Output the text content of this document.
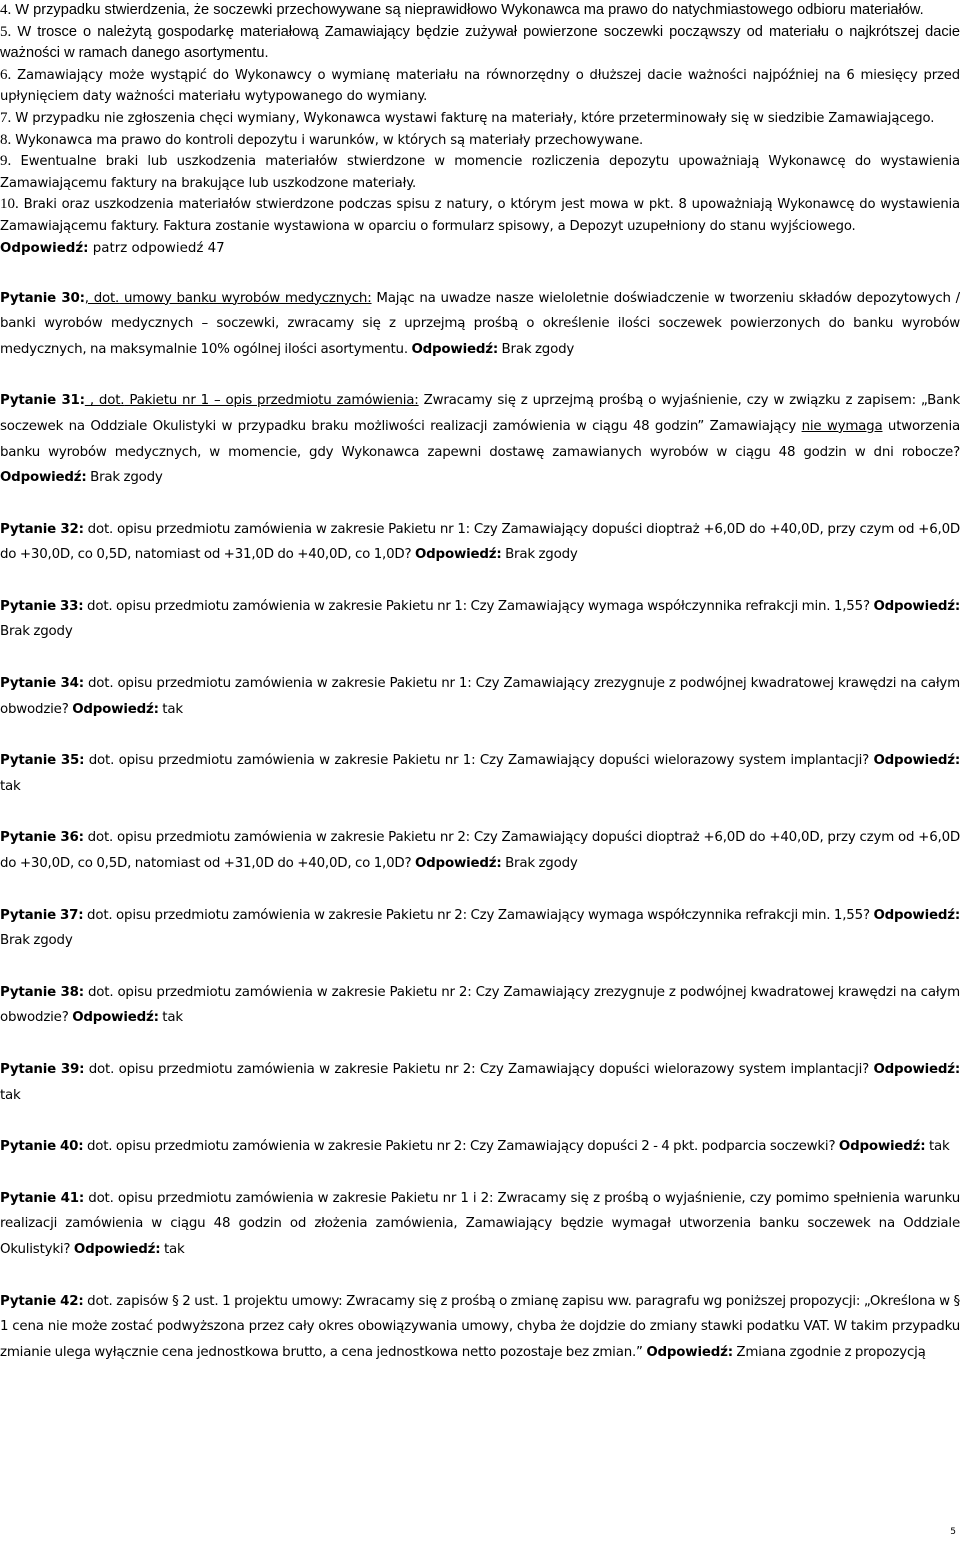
4. W przypadku stwierdzenia, że soczewki przechowywane są nieprawidłowo Wykonawca ma prawo do natychmiastowego odbioru materiałów.

5. W trosce o należytą gospodarkę materiałową Zamawiający będzie zużywał powierzone soczewki począwszy od materiału o najkrótszej dacie ważności w ramach danego asortymentu.

6. Zamawiający może wystąpić do Wykonawcy o wymianę materiału na równorzędny o dłuższej dacie ważności najpóźniej na 6 miesięcy przed upłynięciem daty ważności materiału wytypowanego do wymiany.

7. W przypadku nie zgłoszenia chęci wymiany, Wykonawca wystawi fakturę na materiały, które przeterminowały się w siedzibie Zamawiającego.

8. Wykonawca ma prawo do kontroli depozytu i warunków, w których są materiały przechowywane.

9. Ewentualne braki lub uszkodzenia materiałów stwierdzone w momencie rozliczenia depozytu upoważniają Wykonawcę do wystawienia Zamawiającemu faktury na brakujące lub uszkodzone materiały.

10. Braki oraz uszkodzenia materiałów stwierdzone podczas spisu z natury, o którym jest mowa w pkt. 8 upoważniają Wykonawcę do wystawienia Zamawiającemu faktury. Faktura zostanie wystawiona w oparciu o formularz spisowy, a Depozyt uzupełniony do stanu wyjściowego.

Odpowiedź: patrz odpowiedź 47

Pytanie 30:, dot. umowy banku wyrobów medycznych: Mając na uwadze nasze wieloletnie doświadczenie w tworzeniu składów depozytowych / banki wyrobów medycznych – soczewki, zwracamy się z uprzejmą prośbą o określenie ilości soczewek powierzonych do banku wyrobów medycznych, na maksymalnie 10% ogólnej ilości asortymentu. Odpowiedź: Brak zgody

Pytanie 31: , dot. Pakietu nr 1 – opis przedmiotu zamówienia: Zwracamy się z uprzejmą prośbą o wyjaśnienie, czy w związku z zapisem: „Bank soczewek na Oddziale Okulistyki w przypadku braku możliwości realizacji zamówienia w ciągu 48 godzin” Zamawiający nie wymaga utworzenia banku wyrobów medycznych, w momencie, gdy Wykonawca zapewni dostawę zamawianych wyrobów w ciągu 48 godzin w dni robocze? Odpowiedź: Brak zgody

Pytanie 32: dot. opisu przedmiotu zamówienia w zakresie Pakietu nr 1: Czy Zamawiający dopuści dioptraż +6,0D do +40,0D, przy czym od +6,0D do +30,0D, co 0,5D, natomiast od +31,0D do +40,0D, co 1,0D? Odpowiedź: Brak zgody

Pytanie 33: dot. opisu przedmiotu zamówienia w zakresie Pakietu nr 1: Czy Zamawiający wymaga współczynnika refrakcji min. 1,55? Odpowiedź: Brak zgody

Pytanie 34: dot. opisu przedmiotu zamówienia w zakresie Pakietu nr 1: Czy Zamawiający zrezygnuje z podwójnej kwadratowej krawędzi na całym obwodzie? Odpowiedź: tak

Pytanie 35: dot. opisu przedmiotu zamówienia w zakresie Pakietu nr 1: Czy Zamawiający dopuści wielorazowy system implantacji? Odpowiedź: tak

Pytanie 36: dot. opisu przedmiotu zamówienia w zakresie Pakietu nr 2: Czy Zamawiający dopuści dioptraż +6,0D do +40,0D, przy czym od +6,0D do +30,0D, co 0,5D, natomiast od +31,0D do +40,0D, co 1,0D? Odpowiedź: Brak zgody

Pytanie 37: dot. opisu przedmiotu zamówienia w zakresie Pakietu nr 2: Czy Zamawiający wymaga współczynnika refrakcji min. 1,55? Odpowiedź: Brak zgody

Pytanie 38: dot. opisu przedmiotu zamówienia w zakresie Pakietu nr 2: Czy Zamawiający zrezygnuje z podwójnej kwadratowej krawędzi na całym obwodzie? Odpowiedź: tak

Pytanie 39: dot. opisu przedmiotu zamówienia w zakresie Pakietu nr 2: Czy Zamawiający dopuści wielorazowy system implantacji? Odpowiedź: tak

Pytanie 40: dot. opisu przedmiotu zamówienia w zakresie Pakietu nr 2: Czy Zamawiający dopuści 2 - 4 pkt. podparcia soczewki? Odpowiedź: tak

Pytanie 41: dot. opisu przedmiotu zamówienia w zakresie Pakietu nr 1 i 2: Zwracamy się z prośbą o wyjaśnienie, czy pomimo spełnienia warunku realizacji zamówienia w ciągu 48 godzin od złożenia zamówienia, Zamawiający będzie wymagał utworzenia banku soczewek na Oddziale Okulistyki? Odpowiedź: tak

Pytanie 42: dot. zapisów § 2 ust. 1 projektu umowy: Zwracamy się z prośbą o zmianę zapisu ww. paragrafu wg poniższej propozycji: „Określona w § 1 cena nie może zostać podwyższona przez cały okres obowiązywania umowy, chyba że dojdzie do zmiany stawki podatku VAT. W takim przypadku zmianie ulega wyłącznie cena jednostkowa brutto, a cena jednostkowa netto pozostaje bez zmian.” Odpowiedź: Zmiana zgodnie z propozycją

5
